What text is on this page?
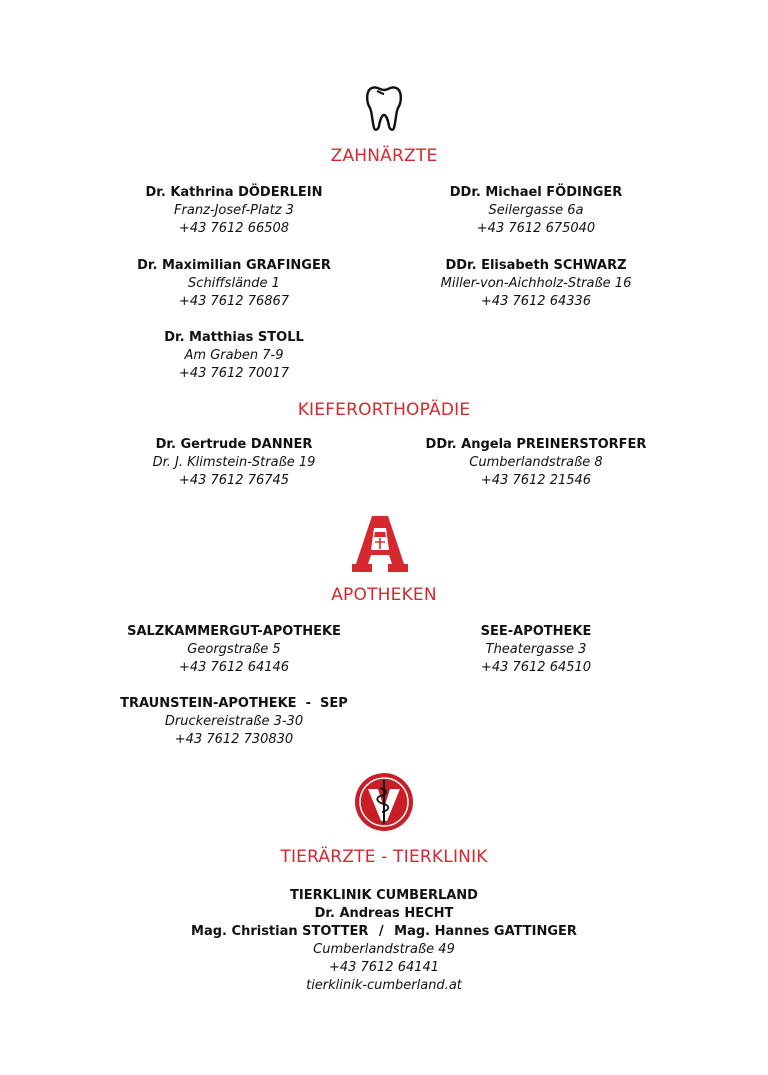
ZAHNÄRZTE
Dr. Kathrina DÖDERLEIN
Franz-Josef-Platz 3
+43 7612 66508
DDr. Michael FÖDINGER
Seilergasse 6a
+43 7612 675040
Dr. Maximilian GRAFINGER
Schiffslände 1
+43 7612 76867
DDr. Elisabeth SCHWARZ
Miller-von-Aichholz-Straße 16
+43 7612 64336
Dr. Matthias STOLL
Am Graben 7-9
+43 7612 70017
KIEFERORTHOPÄDIE
Dr. Gertrude DANNER
Dr. J. Klimstein-Straße 19
+43 7612 76745
DDr. Angela PREINERSTORFER
Cumberlandstraße 8
+43 7612 21546
APOTHEKEN
SALZKAMMERGUT-APOTHEKE
Georgstraße 5
+43 7612 64146
SEE-APOTHEKE
Theatergasse 3
+43 7612 64510
TRAUNSTEIN-APOTHEKE  -  SEP
Druckereistraße 3-30
+43 7612 730830
TIERÄRZTE - TIERKLINIK
TIERKLINIK CUMBERLAND
Dr. Andreas HECHT
Mag. Christian STOTTER / Mag. Hannes GATTINGER
Cumberlandstraße 49
+43 7612 64141
tierklinik-cumberland.at
